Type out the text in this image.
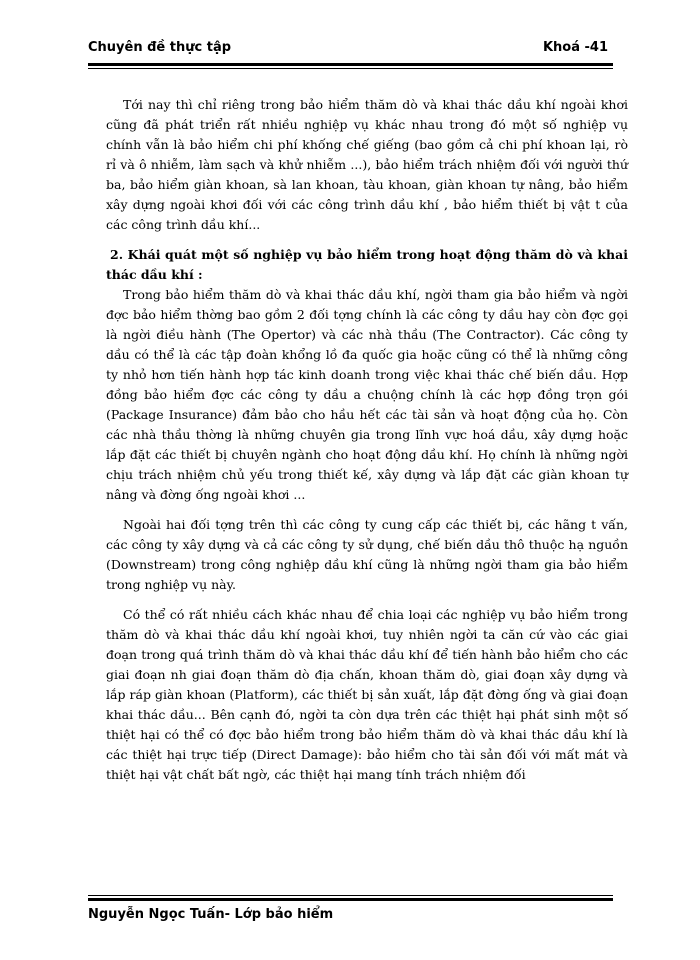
Chuyên đề thực tập	Khoá -41

Tới nay thì chỉ riêng trong bảo hiểm thăm dò và khai thác dầu khí ngoài khơi cũng đã phát triển rất nhiều nghiệp vụ khác nhau trong đó một số nghiệp vụ chính vẫn là bảo hiểm chi phí khống chế giếng (bao gồm cả chi phí khoan lại, rò rỉ và ô nhiễm, làm sạch và khử nhiễm ...), bảo hiểm trách nhiệm đối với người thứ ba, bảo hiểm giàn khoan, sà lan khoan, tàu khoan, giàn khoan tự nâng, bảo hiểm xây dựng ngoài khơi đối với các công trình dầu khí , bảo hiểm thiết bị vật t của các công trình dầu khí...

2. Khái quát một số nghiệp vụ bảo hiểm trong hoạt động thăm dò và khai thác dầu khí :

Trong bảo hiểm thăm dò và khai thác dầu khí, ngời tham gia bảo hiểm và ngời đợc bảo hiểm thờng bao gồm 2 đối tợng chính là các công ty dầu hay còn đợc gọi là ngời điều hành (The Opertor) và các nhà thầu (The Contractor). Các công ty dầu có thể là các tập đoàn khổng lồ đa quốc gia hoặc cũng có thể là những công ty nhỏ hơn tiến hành hợp tác kinh doanh trong việc khai thác chế biến dầu. Hợp đồng bảo hiểm đợc các công ty dầu a chuộng chính là các hợp đồng trọn gói (Package Insurance) đảm bảo cho hầu hết các tài sản và hoạt động của họ. Còn các nhà thầu thờng là những chuyên gia trong lĩnh vực hoá dầu, xây dựng hoặc lắp đặt các thiết bị chuyên ngành cho hoạt động dầu khí. Họ chính là những ngời chịu trách nhiệm chủ yếu trong thiết kế, xây dựng và lắp đặt các giàn khoan tự nâng và đờng ống ngoài khơi ...

Ngoài hai đối tợng trên thì các công ty cung cấp các thiết bị, các hãng t vấn, các công ty xây dựng và cả các công ty sử dụng, chế biến dầu thô thuộc hạ nguồn (Downstream) trong công nghiệp dầu khí cũng là những ngời tham gia bảo hiểm trong nghiệp vụ này.

Có thể có rất nhiều cách khác nhau để chia loại các nghiệp vụ bảo hiểm trong thăm dò và khai thác dầu khí ngoài khơi, tuy nhiên ngời ta căn cứ vào các giai đoạn trong quá trình thăm dò và khai thác dầu khí để tiến hành bảo hiểm cho các giai đoạn nh giai đoạn thăm dò địa chấn, khoan thăm dò, giai đoạn xây dựng và lắp ráp giàn khoan (Platform), các thiết bị sản xuất, lắp đặt đờng ống và giai đoạn khai thác dầu... Bên cạnh đó, ngời ta còn dựa trên các thiệt hại phát sinh một số thiệt hại có thể có đợc bảo hiểm trong bảo hiểm thăm dò và khai thác dầu khí là các thiệt hại trực tiếp (Direct Damage): bảo hiểm cho tài sản đối với mất mát và thiệt hại vật chất bất ngờ, các thiệt hại mang tính trách nhiệm đối

Nguyễn Ngọc Tuấn- Lớp bảo hiểm
